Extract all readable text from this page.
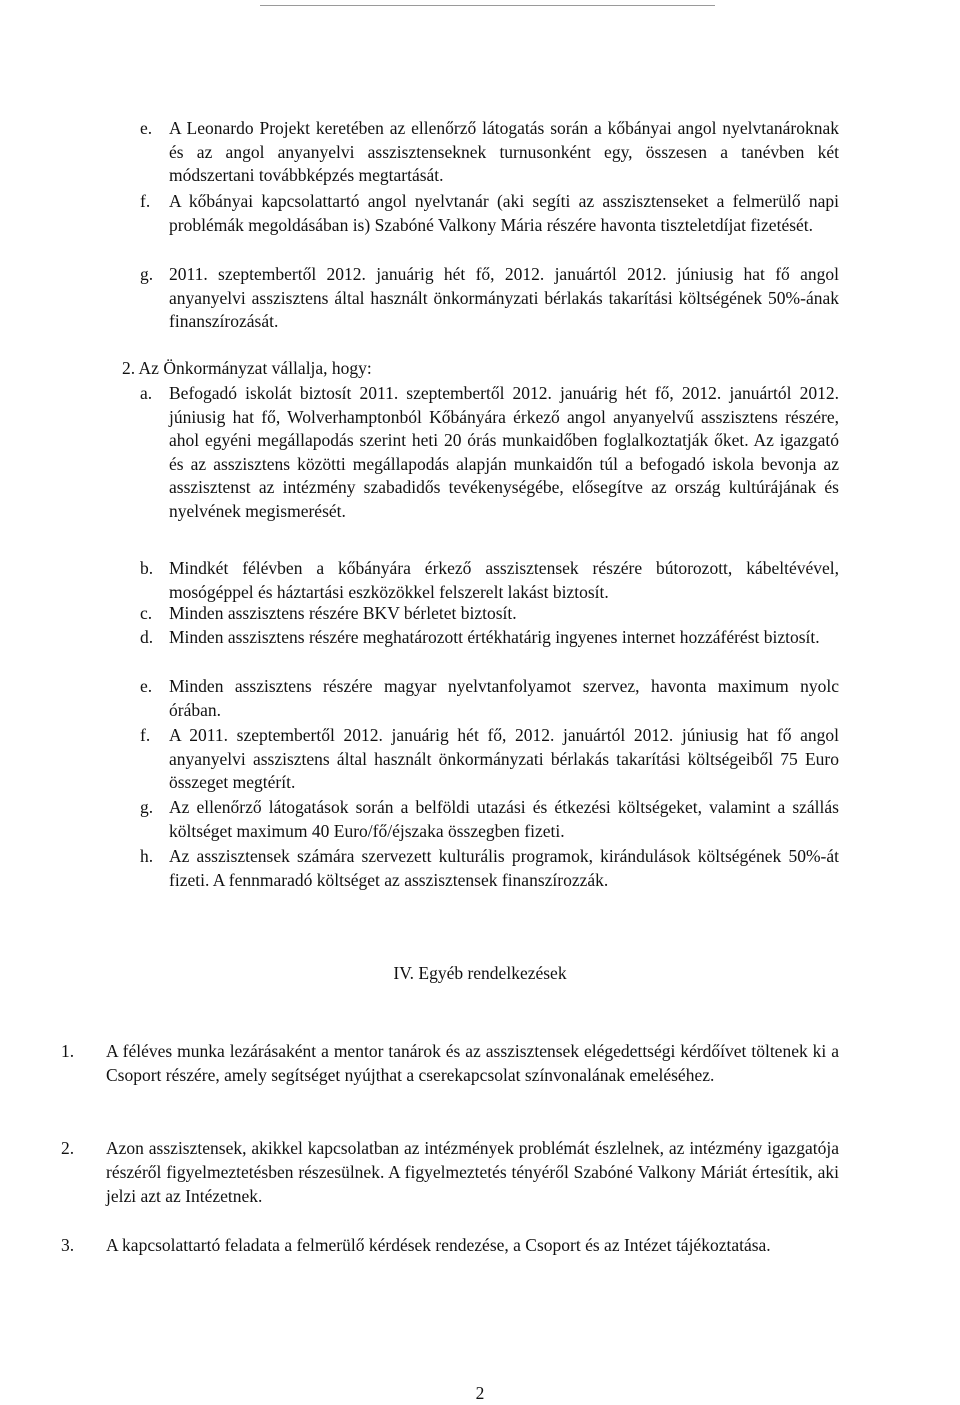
e. A Leonardo Projekt keretében az ellenőrző látogatás során a kőbányai angol nyelvtanároknak és az angol anyanyelvi asszisztenseknek turnusonként egy, összesen a tanévben két módszertani továbbképzés megtartását.
f. A kőbányai kapcsolattartó angol nyelvtanár (aki segíti az asszisztenseket a felmerülő napi problémák megoldásában is) Szabóné Valkony Mária részére havonta tiszteletdíjat fizetését.
g. 2011. szeptembertől 2012. januárig hét fő, 2012. januártól 2012. júniusig hat fő angol anyanyelvi asszisztens által használt önkormányzati bérlakás takarítási költségének 50%-ának finanszírozását.
2. Az Önkormányzat vállalja, hogy:
a. Befogadó iskolát biztosít 2011. szeptembertől 2012. januárig hét fő, 2012. januártól 2012. júniusig hat fő, Wolverhamptonból Kőbányára érkező angol anyanyelvű asszisztens részére, ahol egyéni megállapodás szerint heti 20 órás munkaidőben foglalkoztatják őket. Az igazgató és az asszisztens közötti megállapodás alapján munkaidőn túl a befogadó iskola bevonja az asszisztenst az intézmény szabadidős tevékenységébe, elősegítve az ország kultúrájának és nyelvének megismerését.
b. Mindkét félévben a kőbányára érkező asszisztensek részére bútorozott, kábeltévével, mosógéppel és háztartási eszközökkel felszerelt lakást biztosít.
c. Minden asszisztens részére BKV bérletet biztosít.
d. Minden asszisztens részére meghatározott értékhatárig ingyenes internet hozzáférést biztosít.
e. Minden asszisztens részére magyar nyelvtanfolyamot szervez, havonta maximum nyolc órában.
f. A 2011. szeptembertől 2012. januárig hét fő, 2012. januártól 2012. júniusig hat fő angol anyanyelvi asszisztens által használt önkormányzati bérlakás takarítási költségeiből 75 Euro összeget megtérít.
g. Az ellenőrző látogatások során a belföldi utazási és étkezési költségeket, valamint a szállás költséget maximum 40 Euro/fő/éjszaka összegben fizeti.
h. Az asszisztensek számára szervezett kulturális programok, kirándulások költségének 50%-át fizeti. A fennmaradó költséget az asszisztensek finanszírozzák.
IV. Egyéb rendelkezések
1. A féléves munka lezárásaként a mentor tanárok és az asszisztensek elégedettségi kérdőívet töltenek ki a Csoport részére, amely segítséget nyújthat a cserekapcsolat színvonalának emeléséhez.
2. Azon asszisztensek, akikkel kapcsolatban az intézmények problémát észlelnek, az intézmény igazgatója részéről figyelmeztetésben részesülnek. A figyelmeztetés tényéről Szabóné Valkony Máriát értesítik, aki jelzi azt az Intézetnek.
3. A kapcsolattartó feladata a felmerülő kérdések rendezése, a Csoport és az Intézet tájékoztatása.
2
